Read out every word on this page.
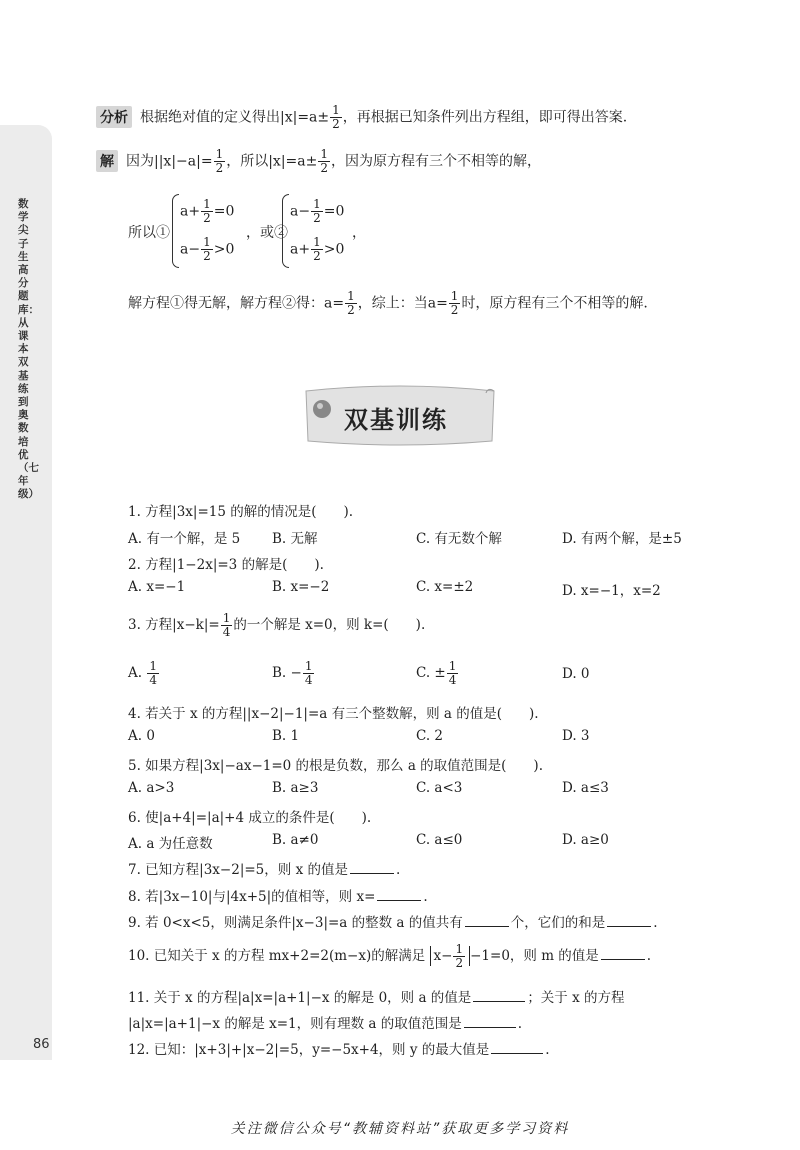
数学尖子生高分题库：从课本双基练到奥数培优（七年级）
86
分析 根据绝对值的定义得出$|x|=a\pm \frac{1}{2}$ ，再根据已知条件列出方程组，即可得出答案.
解 因为$||x|-a|= \frac{1}{2}$ ，所以$|x|=a\pm \frac{1}{2}$ ，因为原方程有三个不相等的解，
所以①
$a+ \frac{1}{2} =0$
$a- \frac{1}{2} >0$
，或②
$a- \frac{1}{2} =0$
$a+ \frac{1}{2} >0$
，
解方程①得无解，解方程②得：$a= \frac{1}{2}$ ，综上：当$a= \frac{1}{2}$ 时，原方程有三个不相等的解.
双基训练
1. 方程|3x|=15 的解的情况是(　　).
A. 有一个解，是 5 B. 无解	C. 有无数个解	D. 有两个解，是±5
2. 方程|1−2x|=3 的解是(　　).
A. x=−1	B. x=−2	C. x=±2	D. x=−1，x=2
3. 方程$|x-k|= \frac{1}{4}$ 的一个解是 x=0，则 k=(　　).
A. $\frac{1}{4}$	B. − $\frac{1}{4}$	C. ± $\frac{1}{4}$	D. 0
4. 若关于 x 的方程||x−2|−1|=a 有三个整数解，则 a 的值是(　　).
A. 0	B. 1	C. 2	D. 3
5. 如果方程|3x|−ax−1=0 的根是负数，那么 a 的取值范围是(　　).
A. a>3	B. a≥3	C. a<3	D. a≤3
6. 使|a+4|=|a|+4 成立的条件是(　　).
A. a 为任意数	B. a≠0	C. a≤0	D. a≥0
7. 已知方程|3x−2|=5，则 x 的值是	.
8. 若|3x−10|与|4x+5|的值相等，则 x=	.
9. 若 0<x<5，则满足条件|x−3|=a 的整数 a 的值共有	个，它们的和是	.
10. 已知关于 x 的方程 mx+2=2(m−x)的解满足 $x- \frac{1}{2} -1=0$，则 m 的值是	.
11. 关于 x 的方程|a|x=|a+1|−x 的解是 0，则 a 的值是	；关于 x 的方程
|a|x=|a+1|−x 的解是 x=1，则有理数 a 的取值范围是	.
12. 已知：|x+3|+|x−2|=5，y=−5x+4，则 y 的最大值是	.
关注微信公众号“教辅资料站”获取更多学习资料
